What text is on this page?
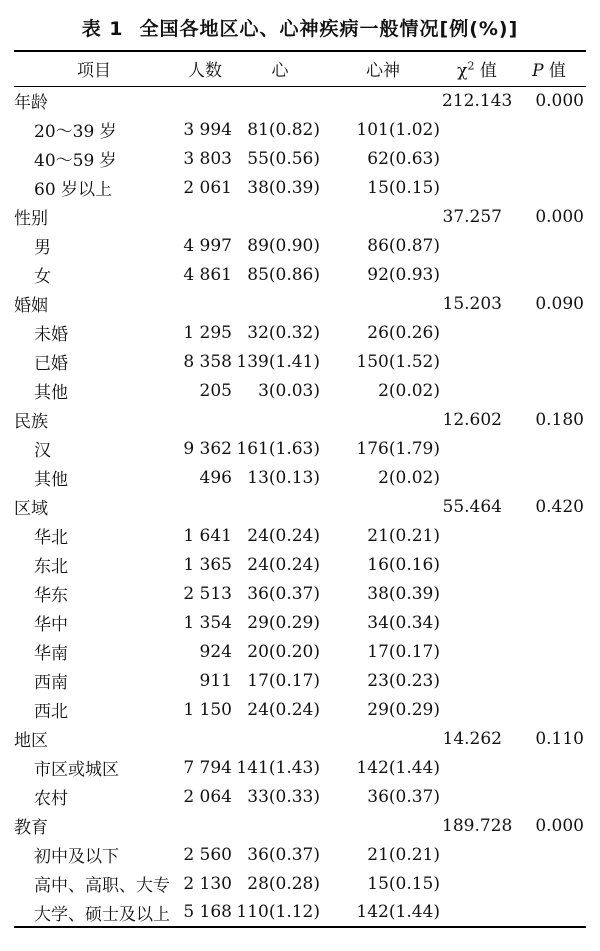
表 1 全国各地区心、心神疾病一般情况[例(%)]
项目	人数	心	心神	$\chi^2$ 值	P 值
年龄				212.143	0.000
20～39 岁	3 994	81(0.82)	101(1.02)		
40～59 岁	3 803	55(0.56)	62(0.63)		
60 岁以上	2 061	38(0.39)	15(0.15)		
性别				37.257	0.000
男	4 997	89(0.90)	86(0.87)		
女	4 861	85(0.86)	92(0.93)		
婚姻				15.203	0.090
未婚	1 295	32(0.32)	26(0.26)		
已婚	8 358	139(1.41)	150(1.52)		
其他	205	3(0.03)	2(0.02)		
民族				12.602	0.180
汉	9 362	161(1.63)	176(1.79)		
其他	496	13(0.13)	2(0.02)		
区域				55.464	0.420
华北	1 641	24(0.24)	21(0.21)		
东北	1 365	24(0.24)	16(0.16)		
华东	2 513	36(0.37)	38(0.39)		
华中	1 354	29(0.29)	34(0.34)		
华南	924	20(0.20)	17(0.17)		
西南	911	17(0.17)	23(0.23)		
西北	1 150	24(0.24)	29(0.29)		
地区				14.262	0.110
市区或城区	7 794	141(1.43)	142(1.44)		
农村	2 064	33(0.33)	36(0.37)		
教育				189.728	0.000
初中及以下	2 560	36(0.37)	21(0.21)		
高中、高职、大专	2 130	28(0.28)	15(0.15)		
大学、硕士及以上	5 168	110(1.12)	142(1.44)		
